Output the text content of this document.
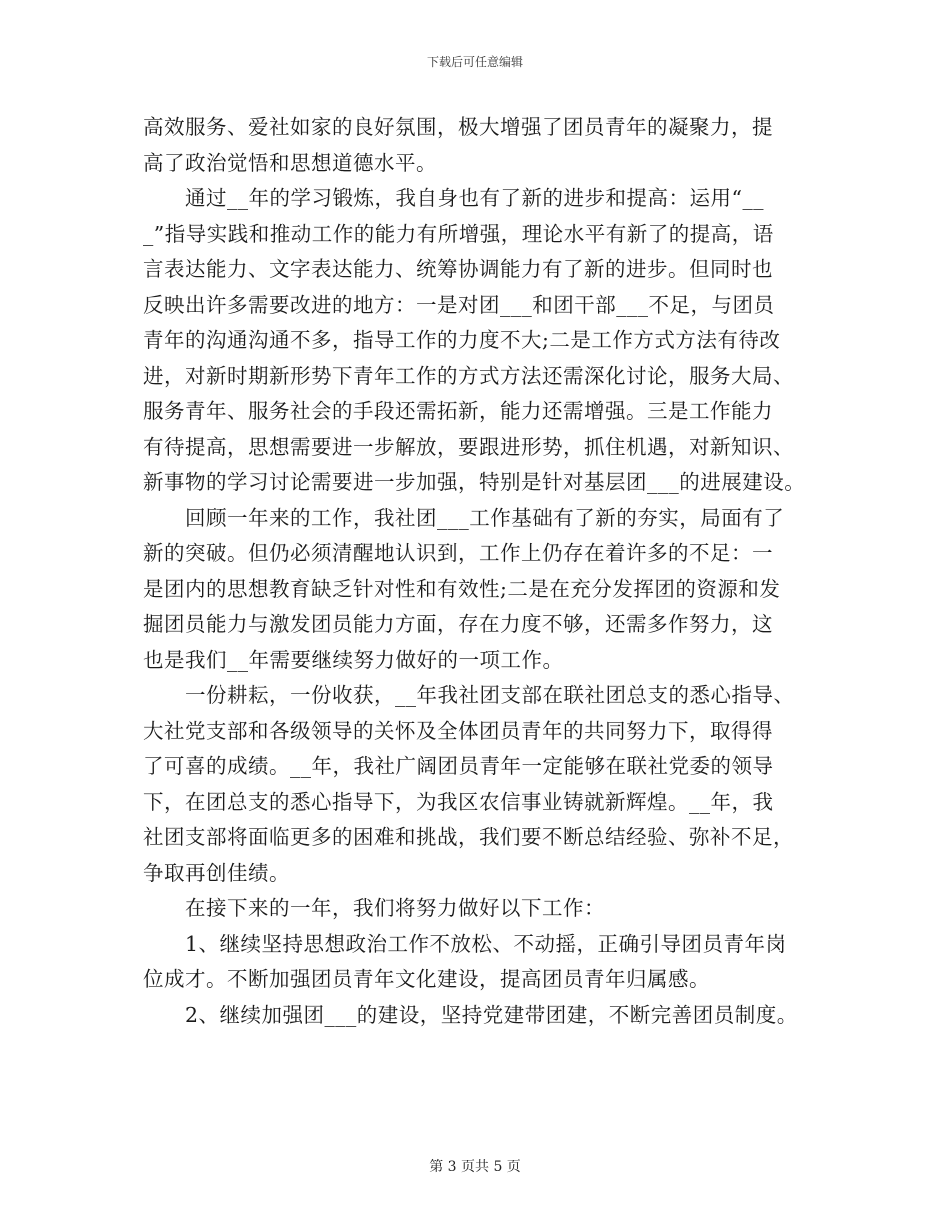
下载后可任意编辑

高效服务、爱社如家的良好氛围，极大增强了团员青年的凝聚力，提
高了政治觉悟和思想道德水平。

　　通过__年的学习锻炼，我自身也有了新的进步和提高：运用“__
_”指导实践和推动工作的能力有所增强，理论水平有新了的提高，语
言表达能力、文字表达能力、统筹协调能力有了新的进步。但同时也
反映出许多需要改进的地方：一是对团___和团干部___不足，与团员
青年的沟通沟通不多，指导工作的力度不大;二是工作方式方法有待改
进，对新时期新形势下青年工作的方式方法还需深化讨论，服务大局、
服务青年、服务社会的手段还需拓新，能力还需增强。三是工作能力
有待提高，思想需要进一步解放，要跟进形势，抓住机遇，对新知识、
新事物的学习讨论需要进一步加强，特别是针对基层团___的进展建设。

　　回顾一年来的工作，我社团___工作基础有了新的夯实，局面有了
新的突破。但仍必须清醒地认识到，工作上仍存在着许多的不足：一
是团内的思想教育缺乏针对性和有效性;二是在充分发挥团的资源和发
掘团员能力与激发团员能力方面，存在力度不够，还需多作努力，这
也是我们__年需要继续努力做好的一项工作。

　　一份耕耘，一份收获，__年我社团支部在联社团总支的悉心指导、
大社党支部和各级领导的关怀及全体团员青年的共同努力下，取得得
了可喜的成绩。__年，我社广阔团员青年一定能够在联社党委的领导
下，在团总支的悉心指导下，为我区农信事业铸就新辉煌。__年，我
社团支部将面临更多的困难和挑战，我们要不断总结经验、弥补不足，
争取再创佳绩。

　　在接下来的一年，我们将努力做好以下工作：

　　1、继续坚持思想政治工作不放松、不动摇，正确引导团员青年岗
位成才。不断加强团员青年文化建设，提高团员青年归属感。

　　2、继续加强团___的建设，坚持党建带团建，不断完善团员制度。

第 3 页共 5 页
